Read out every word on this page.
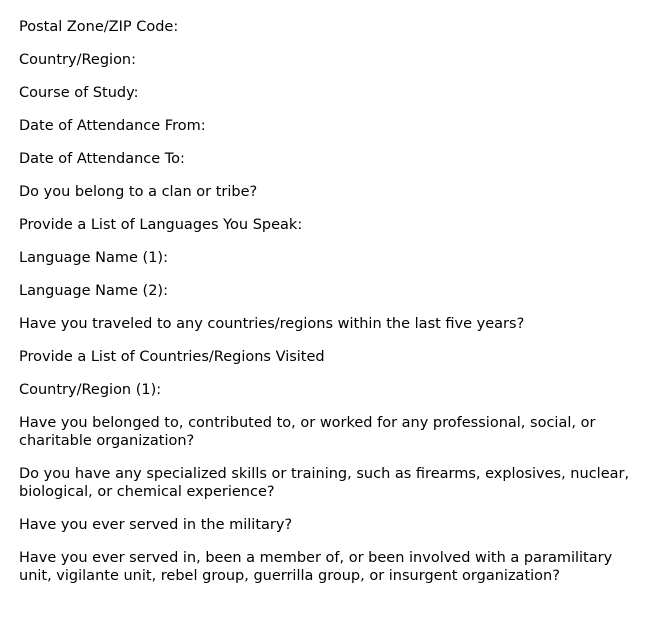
Postal Zone/ZIP Code:
Country/Region:
Course of Study:
Date of Attendance From:
Date of Attendance To:
Do you belong to a clan or tribe?
Provide a List of Languages You Speak:
Language Name (1):
Language Name (2):
Have you traveled to any countries/regions within the last five years?
Provide a List of Countries/Regions Visited
Country/Region (1):
Have you belonged to, contributed to, or worked for any professional, social, or charitable organization?
Do you have any specialized skills or training, such as firearms, explosives, nuclear, biological, or chemical experience?
Have you ever served in the military?
Have you ever served in, been a member of, or been involved with a paramilitary unit, vigilante unit, rebel group, guerrilla group, or insurgent organization?
